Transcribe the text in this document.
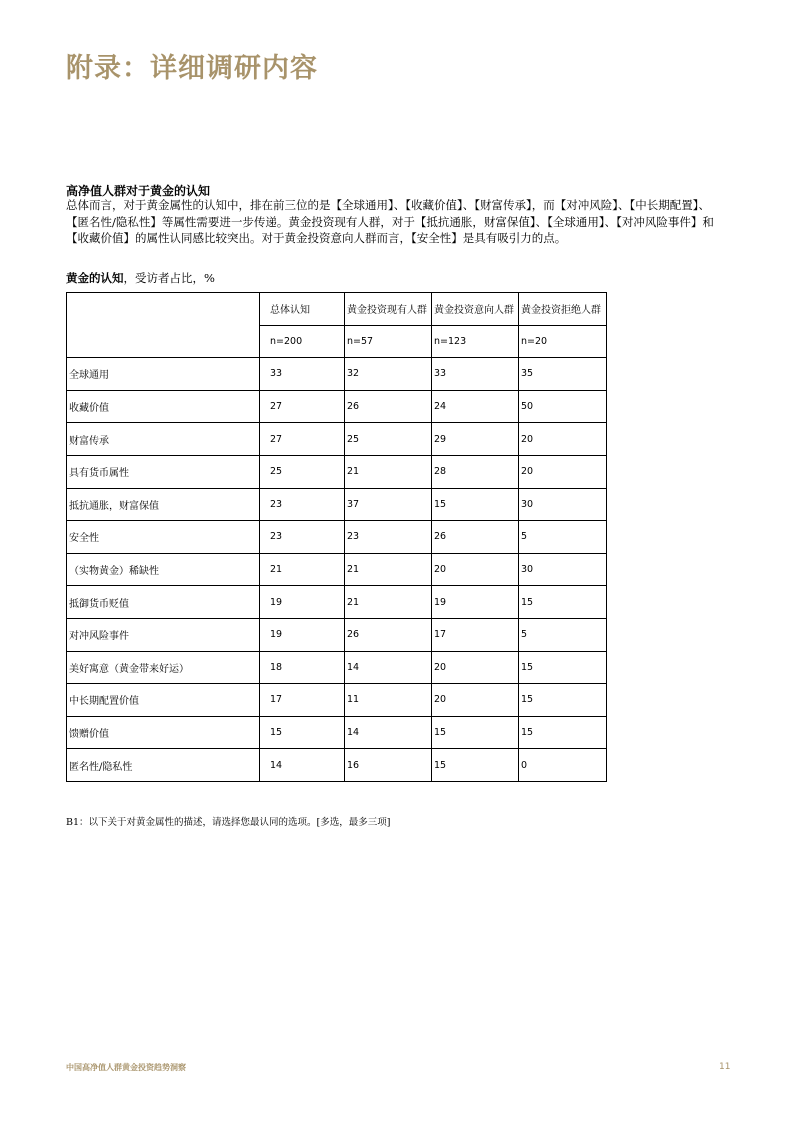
附录：详细调研内容
高净值人群对于黄金的认知
总体而言，对于黄金属性的认知中，排在前三位的是【全球通用】、【收藏价值】、【财富传承】，而【对冲风险】、【中长期配置】、【匿名性/隐私性】等属性需要进一步传递。黄金投资现有人群，对于【抵抗通胀，财富保值】、【全球通用】、【对冲风险事件】和【收藏价值】的属性认同感比较突出。对于黄金投资意向人群而言，【安全性】是具有吸引力的点。
黄金的认知，受访者占比，%
	总体认知	黄金投资现有人群	黄金投资意向人群	黄金投资拒绝人群
	n=200	n=57	n=123	n=20
全球通用	33	32	33	35
收藏价值	27	26	24	50
财富传承	27	25	29	20
具有货币属性	25	21	28	20
抵抗通胀，财富保值	23	37	15	30
安全性	23	23	26	5
（实物黄金）稀缺性	21	21	20	30
抵御货币贬值	19	21	19	15
对冲风险事件	19	26	17	5
美好寓意（黄金带来好运）	18	14	20	15
中长期配置价值	17	11	20	15
馈赠价值	15	14	15	15
匿名性/隐私性	14	16	15	0
B1：以下关于对黄金属性的描述，请选择您最认同的选项。[多选，最多三项]
中国高净值人群黄金投资趋势洞察	11
